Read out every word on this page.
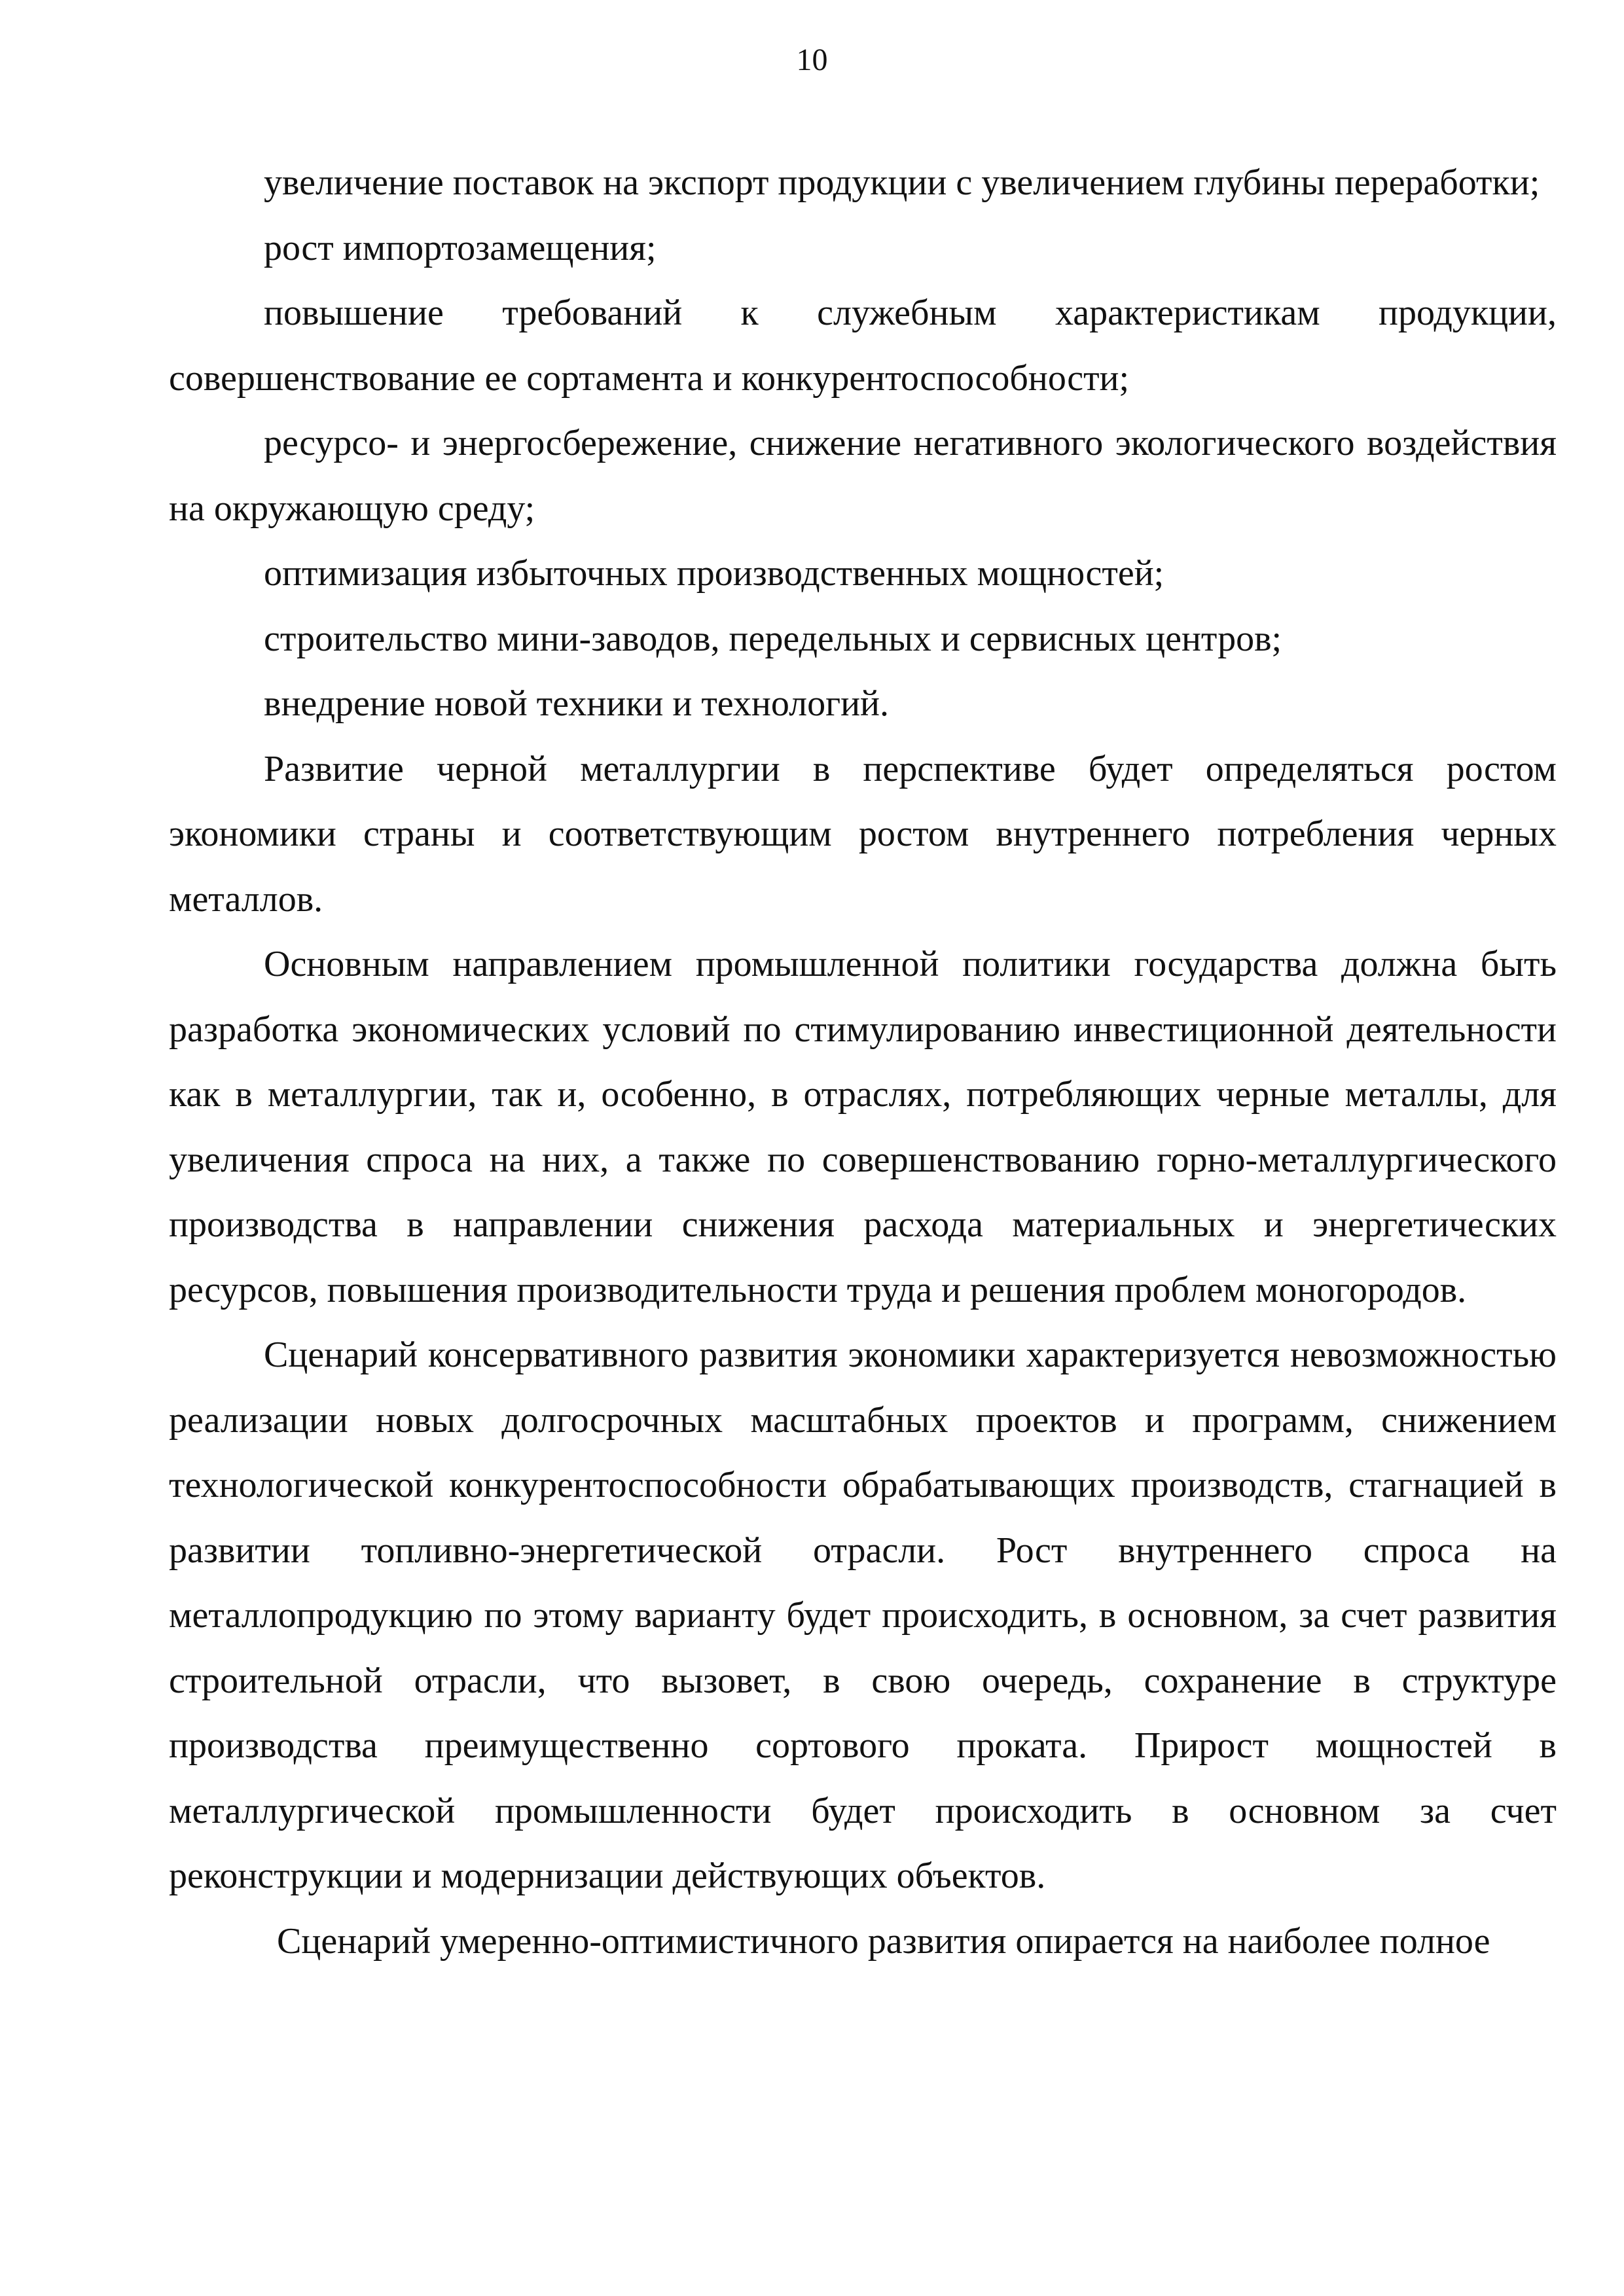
10

увеличение поставок на экспорт продукции с увеличением глубины переработки;

рост импортозамещения;

повышение требований к служебным характеристикам продукции, совершенствование ее сортамента и конкурентоспособности;

ресурсо- и энергосбережение, снижение негативного экологического воздействия на окружающую среду;

оптимизация избыточных производственных мощностей;

строительство мини-заводов, передельных и сервисных центров;

внедрение новой техники и технологий.

Развитие черной металлургии в перспективе будет определяться ростом экономики страны и соответствующим ростом внутреннего потребления черных металлов.

Основным направлением промышленной политики государства должна быть разработка экономических условий по стимулированию инвестиционной деятельности как в металлургии, так и, особенно, в отраслях, потребляющих черные металлы, для увеличения спроса на них, а также по совершенствованию горно-металлургического производства в направлении снижения расхода материальных и энергетических ресурсов, повышения производительности труда и решения проблем моногородов.

Сценарий консервативного развития экономики характеризуется невозможностью реализации новых долгосрочных масштабных проектов и программ, снижением технологической конкурентоспособности обрабатывающих производств, стагнацией в развитии топливно-энергетической отрасли. Рост внутреннего спроса на металлопродукцию по этому варианту будет происходить, в основном, за счет развития строительной отрасли, что вызовет, в свою очередь, сохранение в структуре производства преимущественно сортового проката. Прирост мощностей в металлургической промышленности будет происходить в основном за счет реконструкции и модернизации действующих объектов.

Сценарий умеренно-оптимистичного развития опирается на наиболее полное
